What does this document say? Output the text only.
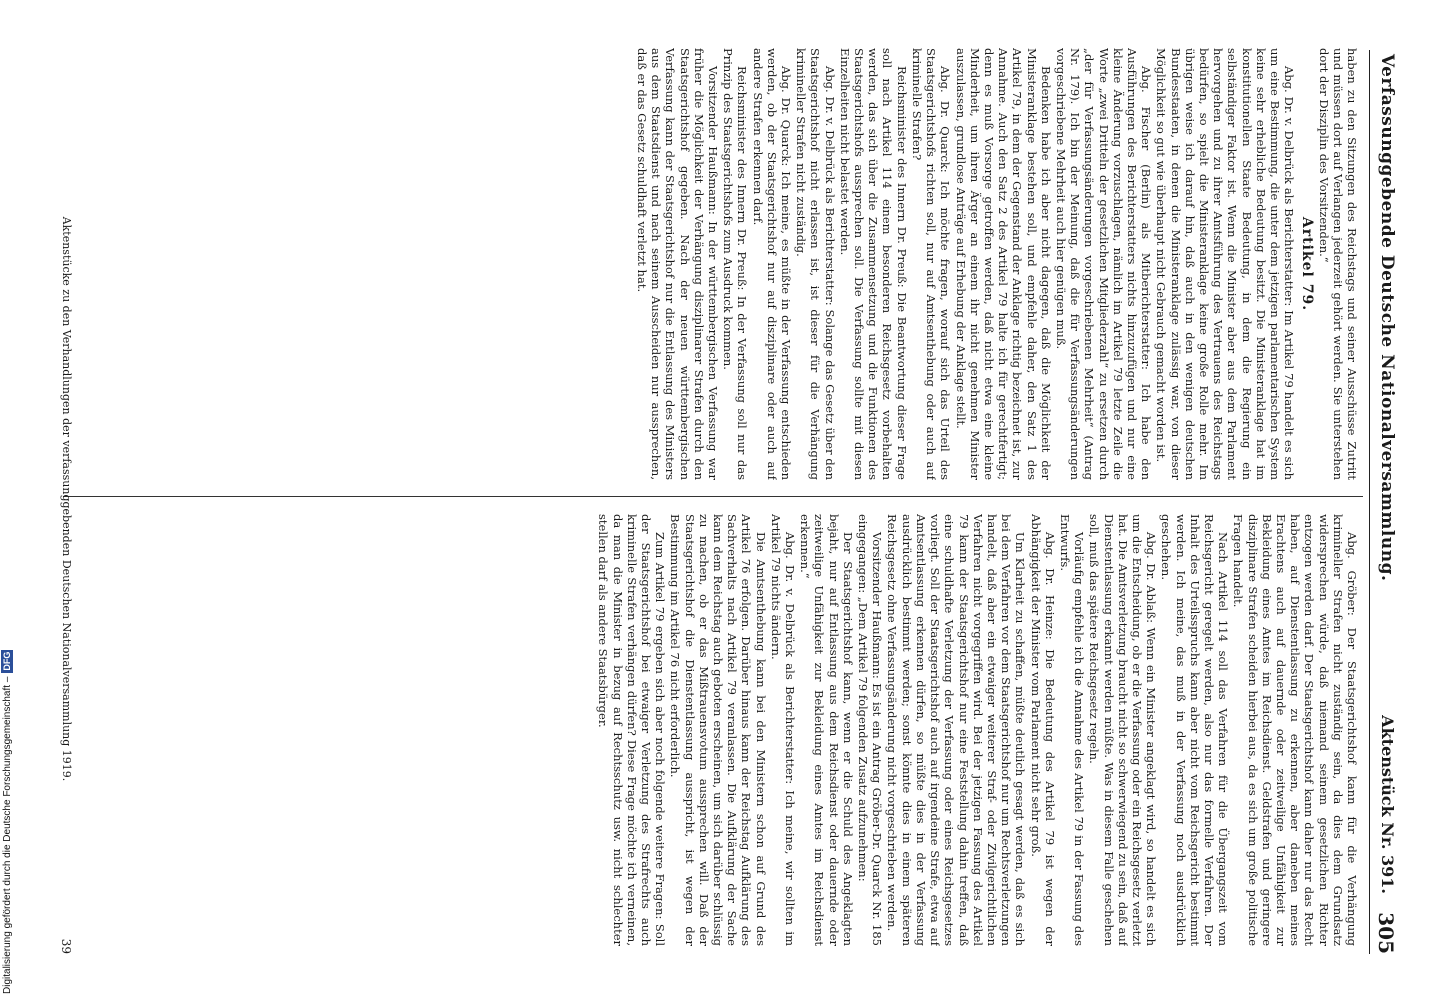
Digitalisierung gefördert durch die Deutsche Forschungsgemeinschaft –DFG
Verfassunggebende Deutsche Nationalversammlung.
Aktenstück Nr. 391.
305

haben zu den Sitzungen des Reichstags und seiner Ausschüsse Zutritt und müssen dort auf Verlangen jederzeit gehört werden. Sie unterstehen dort der Disziplin des Vorsitzenden.“

Artikel 79.

Abg. Dr. v. Delbrück als Berichterstatter: Im Artikel 79 handelt es sich um eine Bestimmung, die unter dem jetzigen parlamentarischen System keine sehr erhebliche Bedeutung besitzt. Die Ministeranklage hat im konstitutionellen Staate Bedeutung, in dem die Regierung ein selbständiger Faktor ist. Wenn die Minister aber aus dem Parlament hervorgehen und zu ihrer Amtsführung des Vertrauens des Reichstags bedürfen, so spielt die Ministeranklage keine große Rolle mehr. Im übrigen weise ich darauf hin, daß auch in den wenigen deutschen Bundesstaaten, in denen die Ministeranklage zulässig war, von dieser Möglichkeit so gut wie überhaupt nicht Gebrauch gemacht worden ist.

Abg. Fischer (Berlin) als Mitberichterstatter: Ich habe den Ausführungen des Berichterstatters nichts hinzuzufügen und nur eine kleine Änderung vorzuschlagen, nämlich im Artikel 79 letzte Zeile die Worte „zwei Dritteln der gesetzlichen Mitgliederzahl“ zu ersetzen durch „der für Verfassungsänderungen vorgeschriebenen Mehrheit“ (Antrag Nr. 179). Ich bin der Meinung, daß die für Verfassungsänderungen vorgeschriebene Mehrheit auch hier genügen muß.

Bedenken habe ich aber nicht dagegen, daß die Möglichkeit der Ministeranklage bestehen soll, und empfehle daher, den Satz 1 des Artikel 79, in dem der Gegenstand der Anklage richtig bezeichnet ist, zur Annahme. Auch den Satz 2 des Artikel 79 halte ich für gerechtfertigt; denn es muß Vorsorge getroffen werden, daß nicht etwa eine kleine Minderheit, um ihren Ärger an einem ihr nicht genehmen Minister auszulassen, grundlose Anträge auf Erhebung der Anklage stellt.

Abg. Dr. Quarck: Ich möchte fragen, worauf sich das Urteil des Staatsgerichtshofs richten soll, nur auf Amtsenthebung oder auch auf kriminelle Strafen?

Reichsminister des Innern Dr. Preuß: Die Beantwortung dieser Frage soll nach Artikel 114 einem besonderen Reichsgesetz vorbehalten werden, das sich über die Zusammensetzung und die Funktionen des Staatsgerichtshofs aussprechen soll. Die Verfassung sollte mit diesen Einzelheiten nicht belastet werden.

Abg. Dr. v. Delbrück als Berichterstatter: Solange das Gesetz über den Staatsgerichtshof nicht erlassen ist, ist dieser für die Verhängung krimineller Strafen nicht zuständig.

Abg. Dr. Quarck: Ich meine, es müßte in der Verfassung entschieden werden, ob der Staatsgerichtshof nur auf disziplinare oder auch auf andere Strafen erkennen darf.

Reichsminister des Innern Dr. Preuß: In der Verfassung soll nur das Prinzip des Staatsgerichtshofs zum Ausdruck kommen.

Vorsitzender Haußmann: In der württembergischen Verfassung war früher die Möglichkeit der Verhängung disziplinarer Strafen durch den Staatsgerichtshof gegeben. Nach der neuen württembergischen Verfassung kann der Staatsgerichtshof nur die Entlassung des Ministers aus dem Staatsdienst und nach seinem Ausscheiden nur aussprechen, daß er das Gesetz schuldhaft verletzt hat.

Abg. Gröber: Der Staatsgerichtshof kann für die Verhängung krimineller Strafen nicht zuständig sein, da dies dem Grundsatz widersprechen würde, daß niemand seinem gesetzlichen Richter entzogen werden darf. Der Staatsgerichtshof kann daher nur das Recht haben, auf Dienstentlassung zu erkennen, aber daneben meines Erachtens auch auf dauernde oder zeitweilige Unfähigkeit zur Bekleidung eines Amtes im Reichsdienst. Geldstrafen und geringere disziplinare Strafen scheiden hierbei aus, da es sich um große politische Fragen handelt.

Nach Artikel 114 soll das Verfahren für die Übergangszeit vom Reichsgericht geregelt werden, also nur das formelle Verfahren. Der Inhalt des Urteilsspruchs kann aber nicht vom Reichsgericht bestimmt werden. Ich meine, das muß in der Verfassung noch ausdrücklich geschehen.

Abg. Dr. Ablaß: Wenn ein Minister angeklagt wird, so handelt es sich um die Entscheidung, ob er die Verfassung oder ein Reichsgesetz verletzt hat. Die Amtsverletzung braucht nicht so schwerwiegend zu sein, daß auf Dienstentlassung erkannt werden müßte. Was in diesem Falle geschehen soll, muß das spätere Reichsgesetz regeln.

Vorläufig empfehle ich die Annahme des Artikel 79 in der Fassung des Entwurfs.

Abg. Dr. Heinze: Die Bedeutung des Artikel 79 ist wegen der Abhängigkeit der Minister vom Parlament nicht sehr groß.

Um Klarheit zu schaffen, müßte deutlich gesagt werden, daß es sich bei dem Verfahren vor dem Staatsgerichtshof nur um Rechtsverletzungen handelt, daß aber ein etwaiger weiterer Straf- oder Zivilgerichtlichen Verfahren nicht vorgegriffen wird. Bei der jetzigen Fassung des Artikel 79 kann der Staatsgerichtshof nur eine Feststellung dahin treffen, daß eine schuldhafte Verletzung der Verfassung oder eines Reichsgesetzes vorliegt. Soll der Staatsgerichtshof auch auf irgendeine Strafe, etwa auf Amtsentlassung erkennen dürfen, so müßte dies in der Verfassung ausdrücklich bestimmt werden; sonst könnte dies in einem späteren Reichsgesetz ohne Verfassungsänderung nicht vorgeschrieben werden.

Vorsitzender Haußmann: Es ist ein Antrag Gröber-Dr. Quarck Nr. 185 eingegangen: „Dem Artikel 79 folgenden Zusatz aufzunehmen:

Der Staatsgerichtshof kann, wenn er die Schuld des Angeklagten bejaht, nur auf Entlassung aus dem Reichsdienst oder dauernde oder zeitweilige Unfähigkeit zur Bekleidung eines Amtes im Reichsdienst erkennen.“

Abg. Dr. v. Delbrück als Berichterstatter: Ich meine, wir sollten im Artikel 79 nichts ändern.

Die Amtsenthebung kann bei den Ministern schon auf Grund des Artikel 76 erfolgen. Darüber hinaus kann der Reichstag Aufklärung des Sachverhalts nach Artikel 79 veranlassen. Die Aufklärung der Sache kann dem Reichstag auch geboten erscheinen, um sich darüber schlüssig zu machen, ob er das Mißtrauensvotum aussprechen will. Daß der Staatsgerichtshof die Dienstentlassung ausspricht, ist wegen der Bestimmung im Artikel 76 nicht erforderlich.

Zum Artikel 79 ergeben sich aber noch folgende weitere Fragen: Soll der Staatsgerichtshof bei etwaiger Verletzung des Strafrechts auch kriminelle Strafen verhängen dürfen? Diese Frage möchte ich verneinen, da man die Minister in bezug auf Rechtsschutz usw. nicht schlechter stellen darf als andere Staatsbürger.

Aktenstücke zu den Verhandlungen der verfassunggebenden Deutschen Nationalversammlung 1919.
39
